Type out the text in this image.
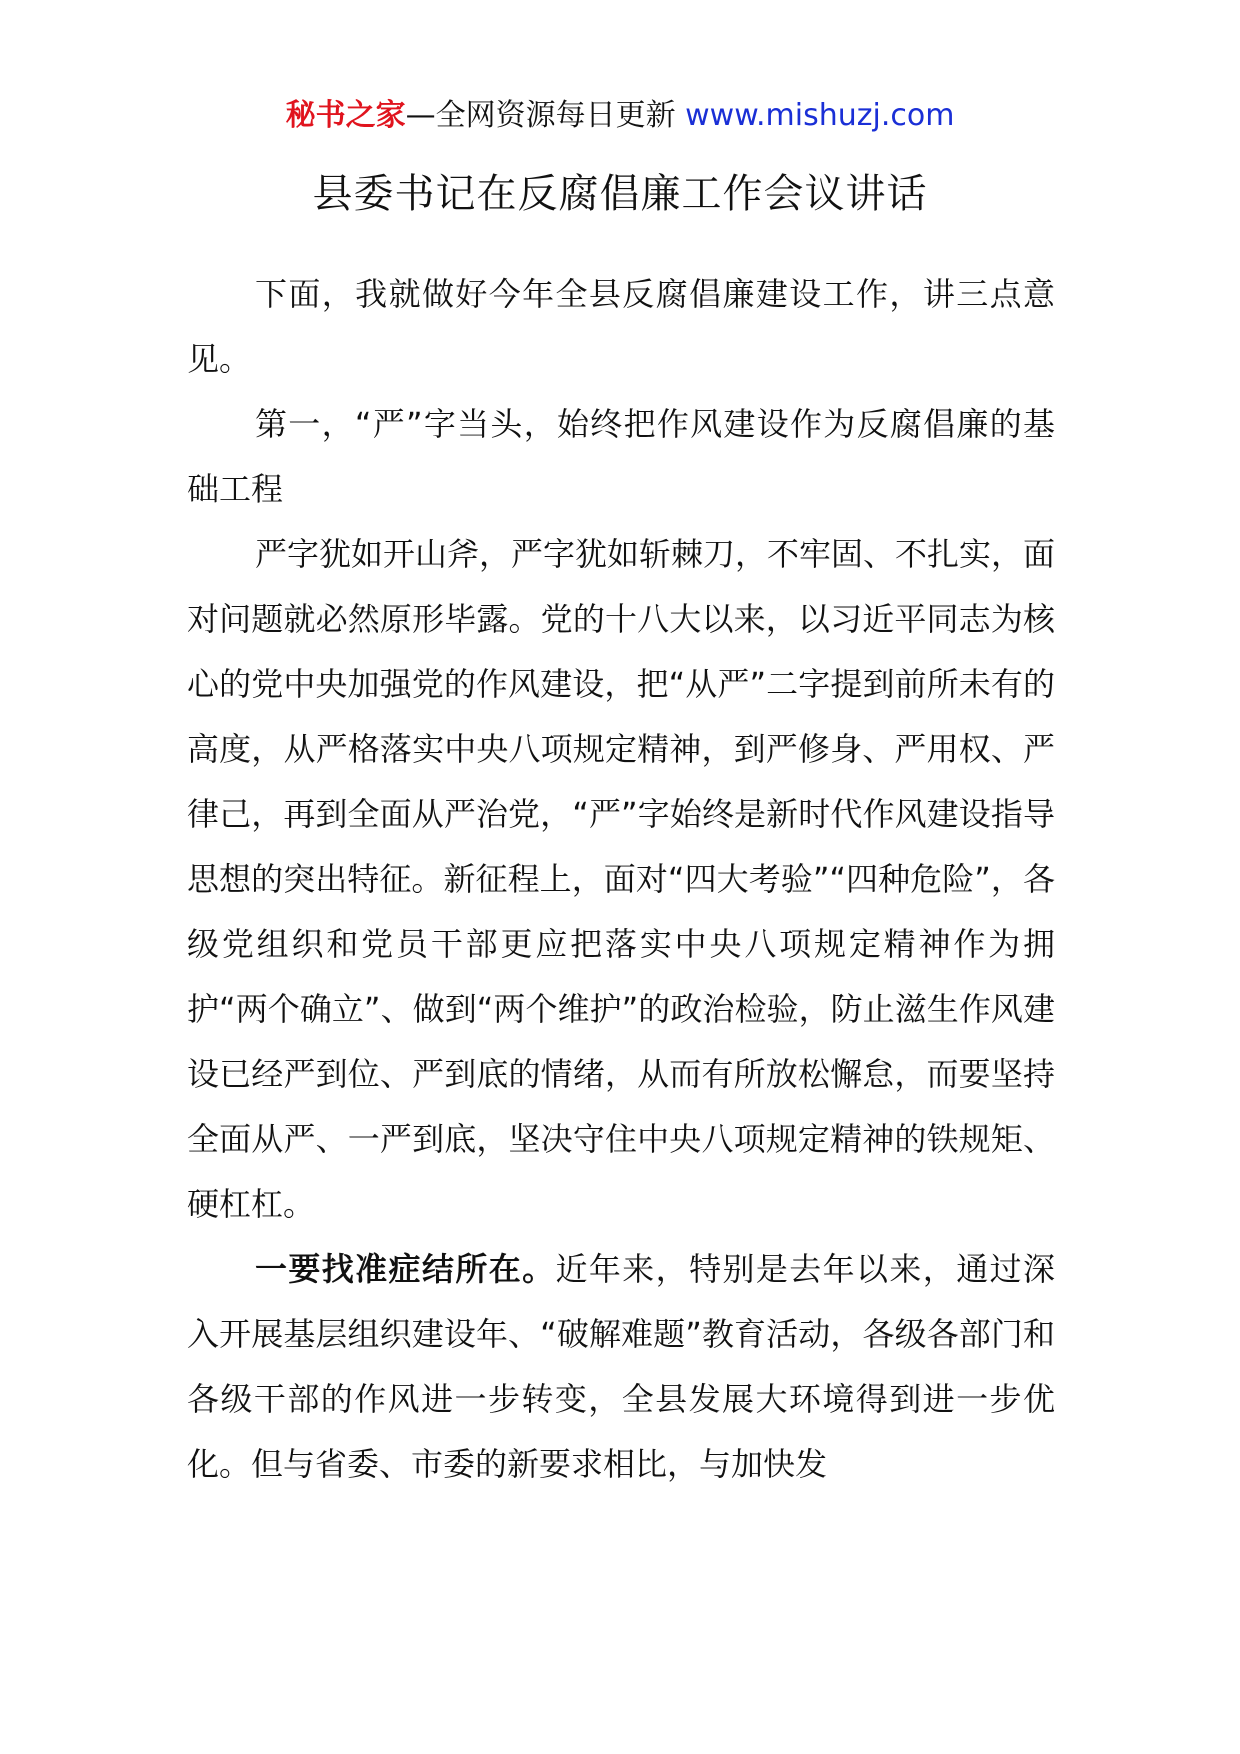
秘书之家—全网资源每日更新 www.mishuzj.com
县委书记在反腐倡廉工作会议讲话

下面，我就做好今年全县反腐倡廉建设工作，讲三点意见。

第一，“严”字当头，始终把作风建设作为反腐倡廉的基础工程

严字犹如开山斧，严字犹如斩棘刀，不牢固、不扎实，面对问题就必然原形毕露。党的十八大以来，以习近平同志为核心的党中央加强党的作风建设，把“从严”二字提到前所未有的高度，从严格落实中央八项规定精神，到严修身、严用权、严律己，再到全面从严治党，“严”字始终是新时代作风建设指导思想的突出特征。新征程上，面对“四大考验”“四种危险”，各级党组织和党员干部更应把落实中央八项规定精神作为拥护“两个确立”、做到“两个维护”的政治检验，防止滋生作风建设已经严到位、严到底的情绪，从而有所放松懈怠，而要坚持全面从严、一严到底，坚决守住中央八项规定精神的铁规矩、硬杠杠。

一要找准症结所在。近年来，特别是去年以来，通过深入开展基层组织建设年、“破解难题”教育活动，各级各部门和各级干部的作风进一步转变，全县发展大环境得到进一步优化。但与省委、市委的新要求相比，与加快发
